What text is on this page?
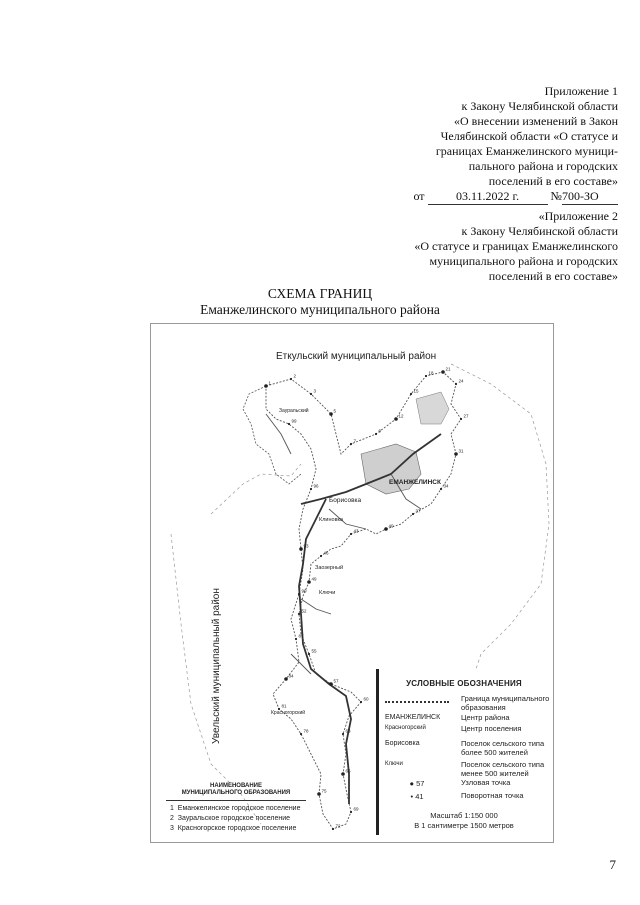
Приложение 1
к Закону Челябинской области
«О внесении изменений в Закон
Челябинской области «О статусе и
границах Еманжелинского муници-
пального района и городских
поселений в его составе»
от	03.11.2022 г.	№700-ЗО
«Приложение 2
к Закону Челябинской области
«О статусе и границах Еманжелинского
муниципального района и городских
поселений в его составе»
СХЕМА ГРАНИЦ
Еманжелинского муниципального района
Еткульский муниципальный район
Увельский муниципальный район
ЕМАНЖЕЛИНСК
Борисовка
Клиновка
Заозерный
Ключи
Зауральский
Красногорский
1
2
3
5
7
9
12
15
18
21
24
27
31
34
37
40
43
46
49
52
55
57
60
63
66
69
72
75
78
81
84
87
90
93
96
99
УСЛОВНЫЕ ОБОЗНАЧЕНИЯ
Граница муниципального образования
ЕМАНЖЕЛИНСК	Центр района
Красногорский	Центр поселения
Борисовка	Поселок сельского типа более 500 жителей
Ключи	Поселок сельского типа менее 500 жителей
● 57	Узловая точка
• 41	Поворотная точка
Масштаб 1:150 000
В 1 сантиметре 1500 метров
НАИМЕНОВАНИЕ
МУНИЦИПАЛЬНОГО ОБРАЗОВАНИЯ
1 Еманжелинское городское поселение
2 Зауральское городское поселение
3 Красногорское городское поселение
7
